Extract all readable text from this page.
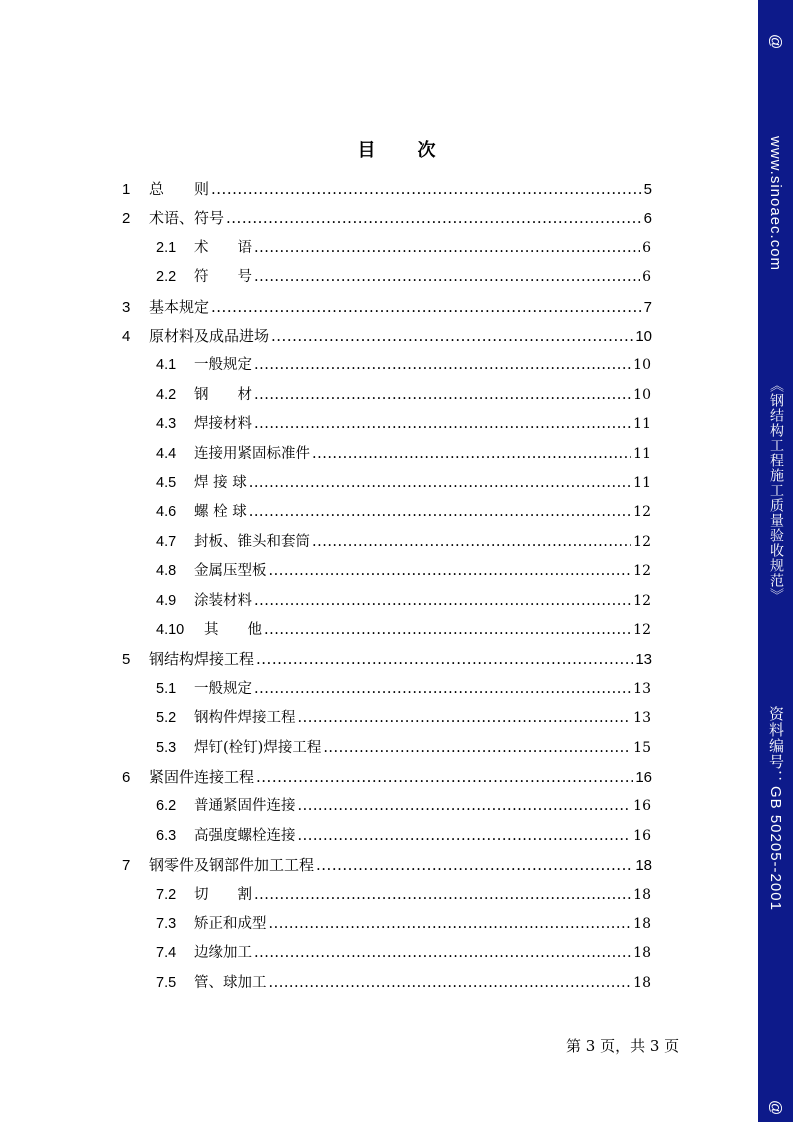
目 次
1	总　　则 .....	5
2	术语、符号 .....	6
2.1	术　　语 .....	6
2.2	符　　号 .....	6
3	基本规定 .....	7
4	原材料及成品进场 .....	10
4.1	一般规定 .....	10
4.2	钢　　材 .....	10
4.3	焊接材料 .....	11
4.4	连接用紧固标准件 .....	11
4.5	焊 接 球 .....	11
4.6	螺 栓 球 .....	12
4.7	封板、锥头和套筒 .....	12
4.8	金属压型板 .....	12
4.9	涂装材料 .....	12
4.10	其　　他 .....	12
5	钢结构焊接工程 .....	13
5.1	一般规定 .....	13
5.2	钢构件焊接工程 .....	13
5.3	焊钉(栓钉)焊接工程 .....	15
6	紧固件连接工程 .....	16
6.2	普通紧固件连接 .....	16
6.3	高强度螺栓连接 .....	16
7	钢零件及钢部件加工工程 .....	18
7.2	切　　割 .....	18
7.3	矫正和成型 .....	18
7.4	边缘加工 .....	18
7.5	管、球加工 .....	18
第 3 页，共 3 页
@
www.sinoaec.com
《钢结构工程施工质量验收规范》
资料编号：GB 50205--2001
@
